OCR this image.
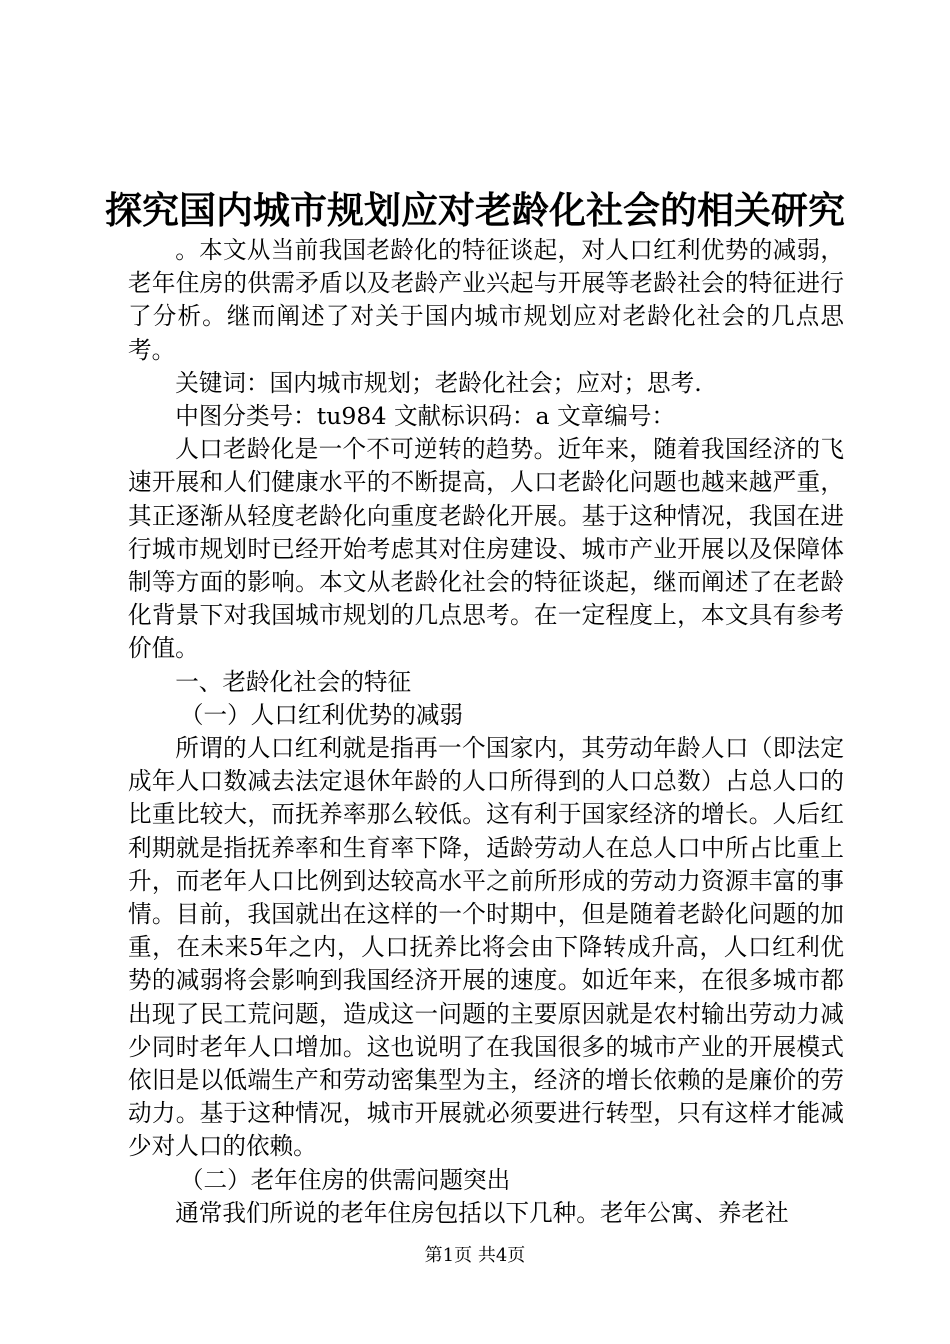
探究国内城市规划应对老龄化社会的相关研究

。本文从当前我国老龄化的特征谈起，对人口红利优势的减弱，老年住房的供需矛盾以及老龄产业兴起与开展等老龄社会的特征进行了分析。继而阐述了对关于国内城市规划应对老龄化社会的几点思考。

关键词：国内城市规划；老龄化社会；应对；思考.

中图分类号：tu984 文献标识码：a 文章编号：

人口老龄化是一个不可逆转的趋势。近年来，随着我国经济的飞速开展和人们健康水平的不断提高，人口老龄化问题也越来越严重，其正逐渐从轻度老龄化向重度老龄化开展。基于这种情况，我国在进行城市规划时已经开始考虑其对住房建设、城市产业开展以及保障体制等方面的影响。本文从老龄化社会的特征谈起，继而阐述了在老龄化背景下对我国城市规划的几点思考。在一定程度上，本文具有参考价值。

一、老龄化社会的特征

（一）人口红利优势的减弱

所谓的人口红利就是指再一个国家内，其劳动年龄人口（即法定成年人口数减去法定退休年龄的人口所得到的人口总数）占总人口的比重比较大，而抚养率那么较低。这有利于国家经济的增长。人后红利期就是指抚养率和生育率下降，适龄劳动人在总人口中所占比重上升，而老年人口比例到达较高水平之前所形成的劳动力资源丰富的事情。目前，我国就出在这样的一个时期中，但是随着老龄化问题的加重，在未来5年之内，人口抚养比将会由下降转成升高，人口红利优势的减弱将会影响到我国经济开展的速度。如近年来，在很多城市都出现了民工荒问题，造成这一问题的主要原因就是农村输出劳动力减少同时老年人口增加。这也说明了在我国很多的城市产业的开展模式依旧是以低端生产和劳动密集型为主，经济的增长依赖的是廉价的劳动力。基于这种情况，城市开展就必须要进行转型，只有这样才能减少对人口的依赖。

（二）老年住房的供需问题突出

通常我们所说的老年住房包括以下几种。老年公寓、养老社

第1页 共4页
